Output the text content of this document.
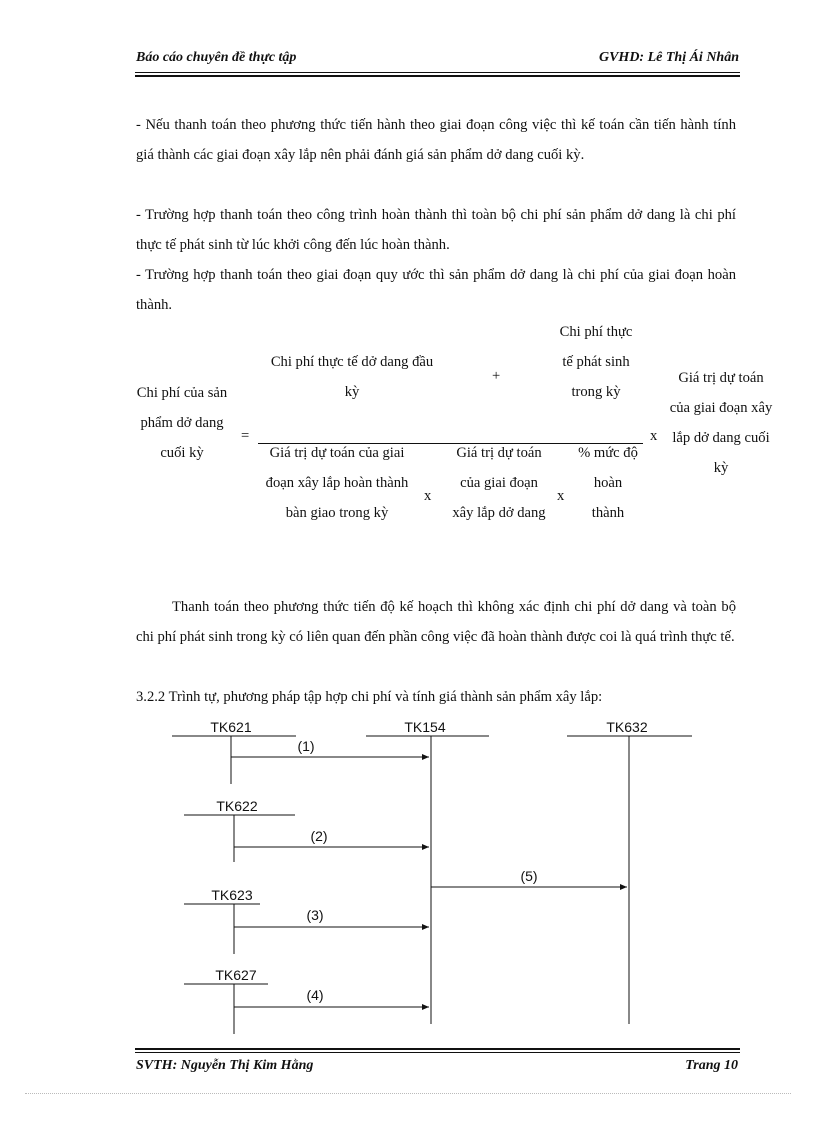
Báo cáo chuyên đề thực tập	GVHD: Lê Thị Ái Nhân
- Nếu thanh toán theo phương thức tiến hành theo giai đoạn công việc thì kế toán cần tiến hành tính giá thành các giai đoạn xây lắp nên phải đánh giá sản phẩm dở dang cuối kỳ.
- Trường hợp thanh toán theo công trình hoàn thành thì toàn bộ chi phí sản phẩm dở dang là chi phí thực tế phát sinh từ lúc khởi công đến lúc hoàn thành.
- Trường hợp thanh toán theo giai đoạn quy ước thì sản phẩm dở dang là chi phí của giai đoạn hoàn thành.
Chi phí của sản phẩm dở dang cuối kỳ
=
Chi phí thực tế dở dang đầu kỳ
+
Chi phí thực tế phát sinh trong kỳ
Giá trị dự toán của giai đoạn xây lắp hoàn thành bàn giao trong kỳ
x
Giá trị dự toán của giai đoạn xây lắp dở dang
x
% mức độ hoàn thành
x
Giá trị dự toán của giai đoạn xây lắp dở dang cuối kỳ
Thanh toán theo phương thức tiến độ kế hoạch thì không xác định chi phí dở dang và toàn bộ chi phí phát sinh trong kỳ có liên quan đến phần công việc đã hoàn thành được coi là quá trình thực tế.
3.2.2 Trình tự, phương pháp tập hợp chi phí và tính giá thành sản phẩm xây lắp:
TK621	TK154	TK632
TK622
TK623
TK627
(1)
(2)
(5)
(3)
(4)
SVTH: Nguyễn Thị Kim Hằng	Trang 10
